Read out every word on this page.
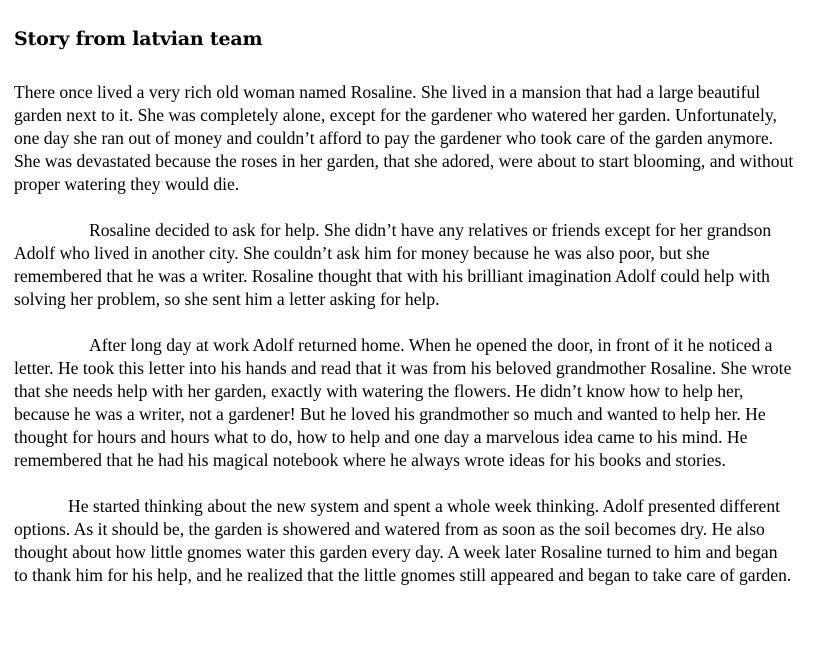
Story from latvian team

There once lived a very rich old woman named Rosaline. She lived in a mansion that had a large beautiful garden next to it. She was completely alone, except for the gardener who watered her garden. Unfortunately, one day she ran out of money and couldn’t afford to pay the gardener who took care of the garden anymore. She was devastated because the roses in her garden, that she adored, were about to start blooming, and without proper watering they would die.

Rosaline decided to ask for help. She didn’t have any relatives or friends except for her grandson Adolf who lived in another city. She couldn’t ask him for money because he was also poor, but she remembered that he was a writer. Rosaline thought that with his brilliant imagination Adolf could help with solving her problem, so she sent him a letter asking for help.

After long day at work Adolf returned home. When he opened the door, in front of it he noticed a letter. He took this letter into his hands and read that it was from his beloved grandmother Rosaline. She wrote that she needs help with her garden, exactly with watering the flowers. He didn’t know how to help her, because he was a writer, not a gardener! But he loved his grandmother so much and wanted to help her. He thought for hours and hours what to do, how to help and one day a marvelous idea came to his mind. He remembered that he had his magical notebook where he always wrote ideas for his books and stories.

He started thinking about the new system and spent a whole week thinking. Adolf presented different options. As it should be, the garden is showered and watered from as soon as the soil becomes dry. He also thought about how little gnomes water this garden every day. A week later Rosaline turned to him and began to thank him for his help, and he realized that the little gnomes still appeared and began to take care of garden.
